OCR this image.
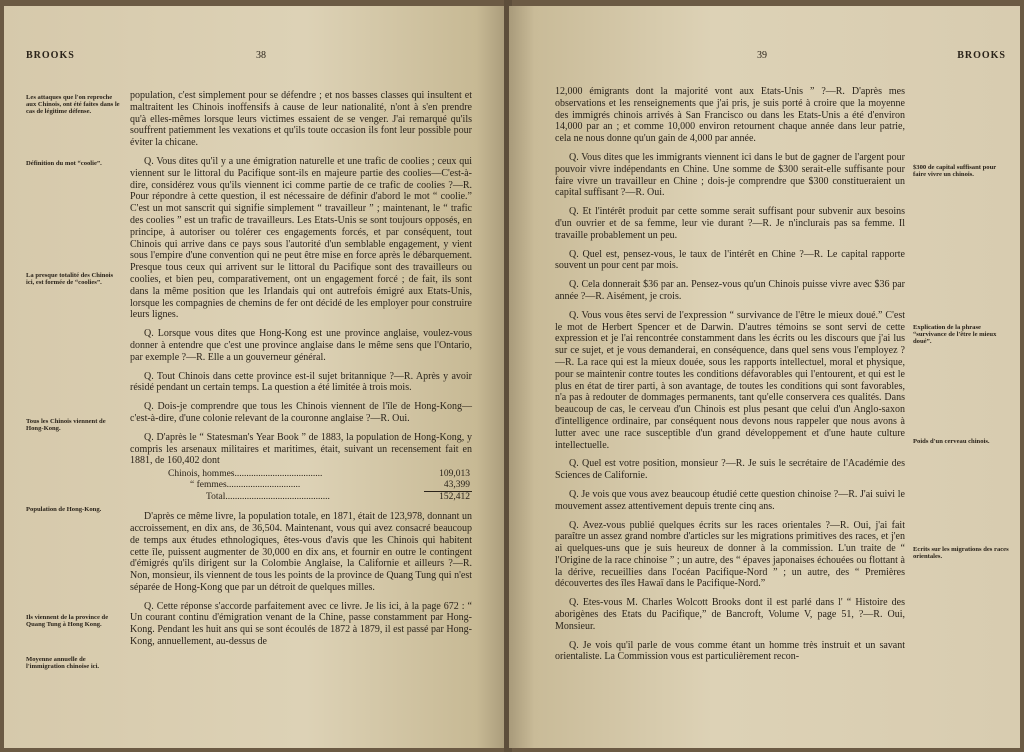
BROOKS	38
Les attaques que l'on reproche aux Chinois, ont été faites dans le cas de légitime défense.
Définition du mot “coolie”.
La presque totalité des Chinois ici, est formée de “coolies”.
Tous les Chinois viennent de Hong-Kong.
Population de Hong-Kong.
Ils viennent de la province de Quang Tung à Hong Kong.
Moyenne annuelle de l'immigration chinoise ici.

population, c'est simplement pour se défendre ; et nos basses classes qui insultent et maltraitent les Chinois inoffensifs à cause de leur nationalité, n'ont à s'en prendre qu'à elles-mêmes lorsque leurs victimes essaient de se venger. J'ai remarqué qu'ils souffrent patiemment les vexations et qu'ils toute occasion ils font leur possible pour éviter la chicane.

Q. Vous dites qu'il y a une émigration naturelle et une trafic de coolies ; ceux qui viennent sur le littoral du Pacifique sont-ils en majeure partie des coolies—C'est-à-dire, considérez vous qu'ils viennent ici comme partie de ce trafic de coolies ?—R. Pour répondre à cette question, il est nécessaire de définir d'abord le mot “ coolie.” C'est un mot sanscrit qui signifie simplement “ travailleur ” ; maintenant, le “ trafic des coolies ” est un trafic de travailleurs. Les Etats-Unis se sont toujours opposés, en principe, à autoriser ou tolérer ces engagements forcés, et par conséquent, tout Chinois qui arrive dans ce pays sous l'autorité d'un semblable engagement, y vient sous l'empire d'une convention qui ne peut être mise en force après le débarquement. Presque tous ceux qui arrivent sur le littoral du Pacifique sont des travailleurs ou coolies, et bien peu, comparativement, ont un engagement forcé ; de fait, ils sont dans la même position que les Irlandais qui ont autrefois émigré aux Etats-Unis, lorsque les compagnies de chemins de fer ont décidé de les employer pour construire leurs lignes.

Q. Lorsque vous dites que Hong-Kong est une province anglaise, voulez-vous donner à entendre que c'est une province anglaise dans le même sens que l'Ontario, par exemple ?—R. Elle a un gouverneur général.

Q. Tout Chinois dans cette province est-il sujet britannique ?—R. Après y avoir résidé pendant un certain temps. La question a été limitée à trois mois.

Q. Dois-je comprendre que tous les Chinois viennent de l'île de Hong-Kong—c'est-à-dire, d'une colonie relevant de la couronne anglaise ?—R. Oui.

Q. D'après le “ Statesman's Year Book ” de 1883, la population de Hong-Kong, y compris les arsenaux militaires et maritimes, était, suivant un recensement fait en 1881, de 160,402 dont

Chinois, hommes.....................................	109,013
“ femmes...............................	43,399
Total............................................	152,412

D'après ce même livre, la population totale, en 1871, était de 123,978, donnant un accroissement, en dix ans, de 36,504. Maintenant, vous qui avez consacré beaucoup de temps aux études ethnologiques, êtes-vous d'avis que les Chinois qui habitent cette île, puissent augmenter de 30,000 en dix ans, et fournir en outre le contingent d'émigrés qu'ils dirigent sur la Colombie Anglaise, la Californie et ailleurs ?—R. Non, monsieur, ils viennent de tous les points de la province de Quang Tung qui n'est séparée de Hong-Kong que par un détroit de quelques milles.

Q. Cette réponse s'accorde parfaitement avec ce livre. Je lis ici, à la page 672 : “ Un courant continu d'émigration venant de la Chine, passe constamment par Hong-Kong. Pendant les huit ans qui se sont écoulés de 1872 à 1879, il est passé par Hong-Kong, annuellement, au-dessus de

39	BROOKS
$300 de capital suffisant pour faire vivre un chinois.
Explication de la phrase “survivance de l'être le mieux doué”.
Poids d'un cerveau chinois.
Ecrits sur les migrations des races orientales.

12,000 émigrants dont la majorité vont aux Etats-Unis ” ?—R. D'après mes observations et les renseignements que j'ai pris, je suis porté à croire que la moyenne des immigrés chinois arrivés à San Francisco ou dans les Etats-Unis a été d'environ 14,000 par an ; et comme 10,000 environ retournent chaque année dans leur patrie, cela ne nous donne qu'un gain de 4,000 par année.

Q. Vous dites que les immigrants viennent ici dans le but de gagner de l'argent pour pouvoir vivre indépendants en Chine. Une somme de $300 serait-elle suffisante pour faire vivre un travailleur en Chine ; dois-je comprendre que $300 constitueraient un capital suffisant ?—R. Oui.

Q. Et l'intérêt produit par cette somme serait suffisant pour subvenir aux besoins d'un ouvrier et de sa femme, leur vie durant ?—R. Je n'inclurais pas sa femme. Il travaille probablement un peu.

Q. Quel est, pensez-vous, le taux de l'intérêt en Chine ?—R. Le capital rapporte souvent un pour cent par mois.

Q. Cela donnerait $36 par an. Pensez-vous qu'un Chinois puisse vivre avec $36 par année ?—R. Aisément, je crois.

Q. Vous vous êtes servi de l'expression “ survivance de l'être le mieux doué.” C'est le mot de Herbert Spencer et de Darwin. D'autres témoins se sont servi de cette expression et je l'ai rencontrée constamment dans les écrits ou les discours que j'ai lus sur ce sujet, et je vous demanderai, en conséquence, dans quel sens vous l'employez ?—R. La race qui est la mieux douée, sous les rapports intellectuel, moral et physique, pour se maintenir contre toutes les conditions défavorables qui l'entourent, et qui est le plus en état de tirer parti, à son avantage, de toutes les conditions qui sont favorables, n'a pas à redouter de dommages permanents, tant qu'elle conservera ces qualités. Dans beaucoup de cas, le cerveau d'un Chinois est plus pesant que celui d'un Anglo-saxon d'intelligence ordinaire, par conséquent nous devons nous rappeler que nous avons à lutter avec une race susceptible d'un grand développement et d'une haute culture intellectuelle.

Q. Quel est votre position, monsieur ?—R. Je suis le secrétaire de l'Académie des Sciences de Californie.

Q. Je vois que vous avez beaucoup étudié cette question chinoise ?—R. J'ai suivi le mouvement assez attentivement depuis trente cinq ans.

Q. Avez-vous publié quelques écrits sur les races orientales ?—R. Oui, j'ai fait paraître un assez grand nombre d'articles sur les migrations primitives des races, et j'en ai quelques-uns que je suis heureux de donner à la commission. L'un traite de “ l'Origine de la race chinoise ” ; un autre, des “ épaves japonaises échouées ou flottant à la dérive, recueillies dans l'océan Pacifique-Nord ” ; un autre, des “ Premières découvertes des îles Hawaï dans le Pacifique-Nord.”

Q. Etes-vous M. Charles Wolcott Brooks dont il est parlé dans l' “ Histoire des aborigènes des Etats du Pacifique,” de Bancroft, Volume V, page 51, ?—R. Oui, Monsieur.

Q. Je vois qu'il parle de vous comme étant un homme très instruit et un savant orientaliste. La Commission vous est particulièrement recon-
